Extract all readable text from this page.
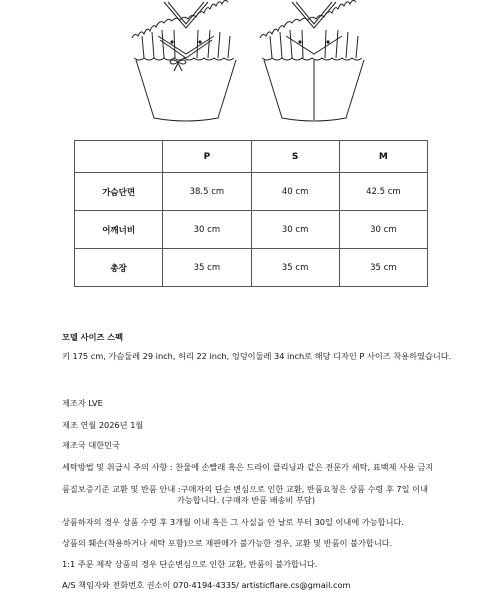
	P	S	M
가슴단면	38.5 cm	40 cm	42.5 cm
어깨너비	30 cm	30 cm	30 cm
총장	35 cm	35 cm	35 cm
모델 사이즈 스펙
키 175 cm, 가슴둘레 29 inch, 허리 22 inch, 엉덩이둘레 34 inch로 해당 디자인 P 사이즈 착용하였습니다.
제조자 LVE
제조 연월 2026년 1월
제조국 대한민국
세탁방법 및 취급시 주의 사항 : 찬물에 손빨래 혹은 드라이 클리닝과 같은 전문가 세탁, 표백제 사용 금지
품질보증기준 교환 및 반품 안내 :구매자의 단순 변심으로 인한 교환, 반품요청은 상품 수령 후 7일 이내
가능합니다. (구매자 반품 배송비 부담)
상품하자의 경우 상품 수령 후 3개월 이내 혹은 그 사실을 안 날로 부터 30일 이내에 가능합니다.
상품의 훼손(착용하거나 세탁 포함)으로 재판매가 불가능한 경우, 교환 및 반품이 불가합니다.
1:1 주문 제작 상품의 경우 단순변심으로 인한 교환, 반품이 불가합니다.
A/S 책임자와 전화번호 권소이 070-4194-4335/ artisticflare.cs@gmail.com
